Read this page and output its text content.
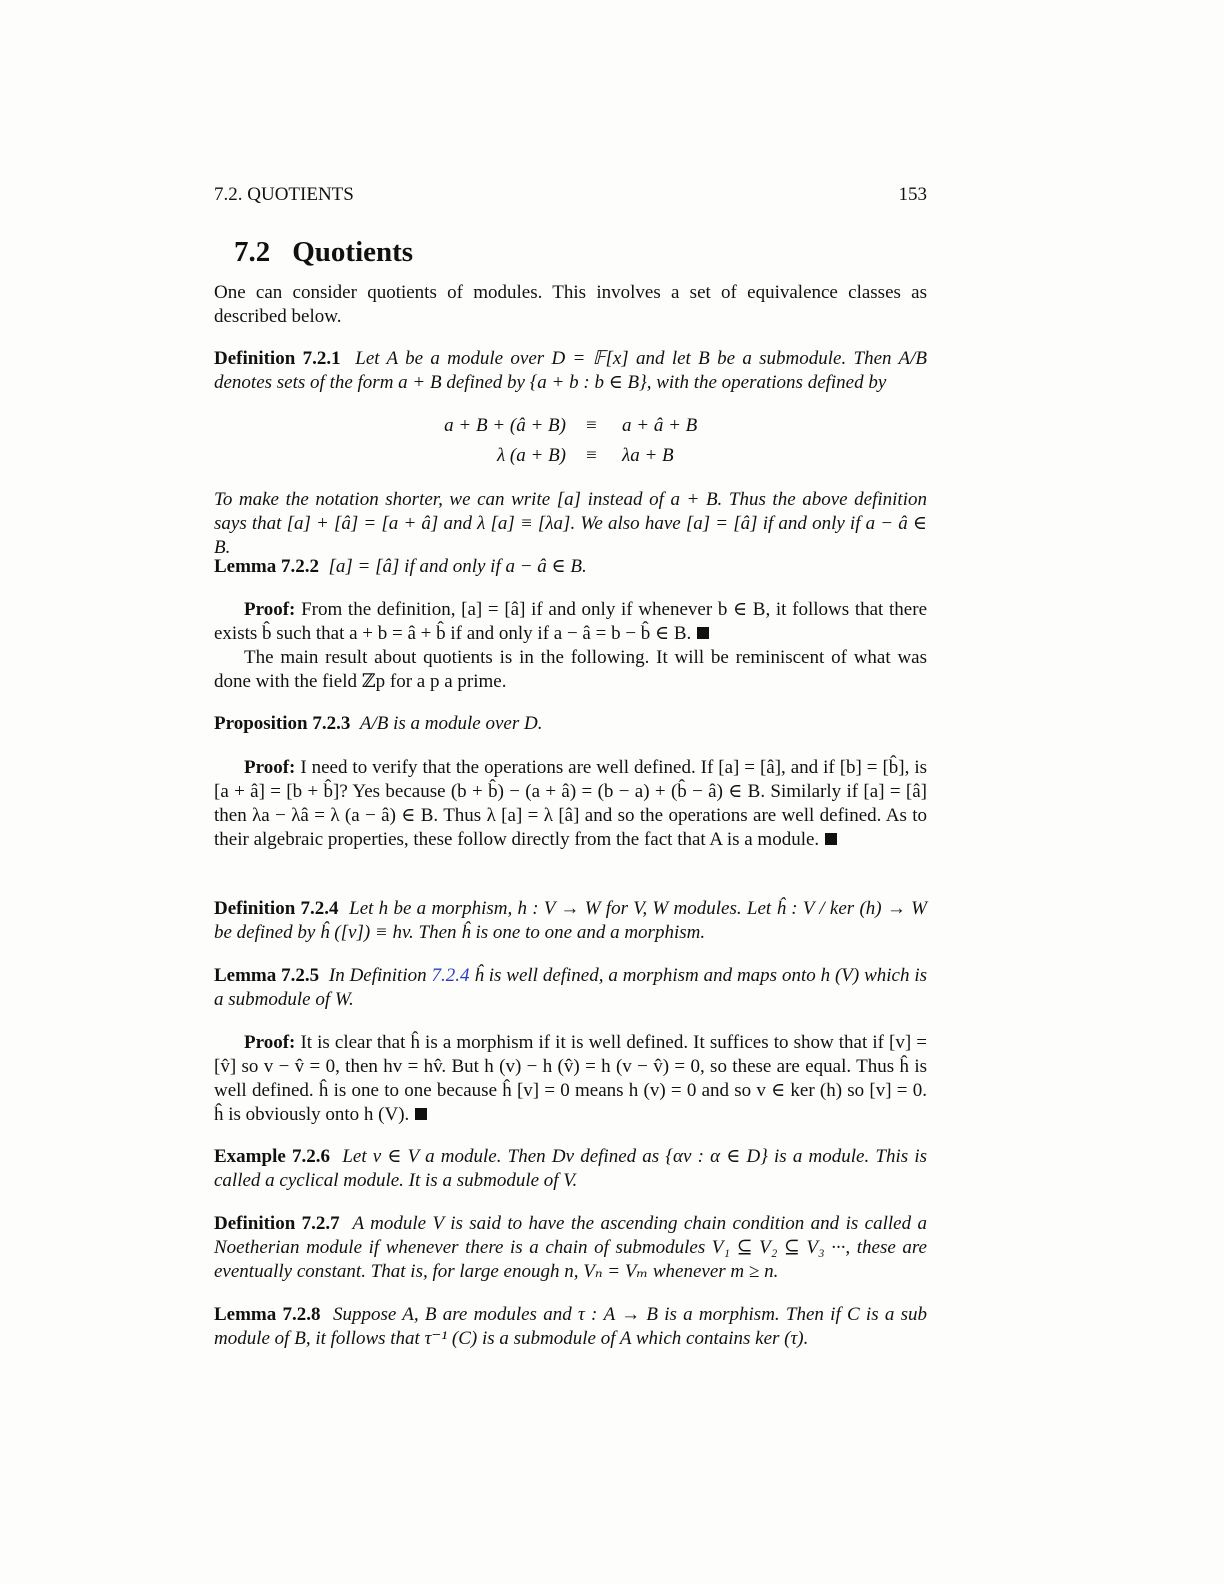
7.2. QUOTIENTS	153
7.2 Quotients

One can consider quotients of modules. This involves a set of equivalence classes as described below.

Definition 7.2.1 Let A be a module over D = 𝔽[x] and let B be a submodule. Then A/B denotes sets of the form a + B defined by {a + b : b ∈ B}, with the operations defined by

a + B + (â + B) ≡ a + â + B
λ (a + B) ≡ λa + B

To make the notation shorter, we can write [a] instead of a + B. Thus the above definition says that [a] + [â] = [a + â] and λ [a] ≡ [λa]. We also have [a] = [â] if and only if a − â ∈ B.

Lemma 7.2.2 [a] = [â] if and only if a − â ∈ B.

Proof: From the definition, [a] = [â] if and only if whenever b ∈ B, it follows that there exists b̂ such that a + b = â + b̂ if and only if a − â = b − b̂ ∈ B.

The main result about quotients is in the following. It will be reminiscent of what was done with the field ℤp for a p a prime.

Proposition 7.2.3 A/B is a module over D.

Proof: I need to verify that the operations are well defined. If [a] = [â], and if [b] = [b̂], is [a + â] = [b + b̂]? Yes because (b + b̂) − (a + â) = (b − a) + (b̂ − â) ∈ B. Similarly if [a] = [â] then λa − λâ = λ (a − â) ∈ B. Thus λ [a] = λ [â] and so the operations are well defined. As to their algebraic properties, these follow directly from the fact that A is a module.

Definition 7.2.4 Let h be a morphism, h : V → W for V, W modules. Let ĥ : V / ker (h) → W be defined by ĥ ([v]) ≡ hv. Then ĥ is one to one and a morphism.

Lemma 7.2.5 In Definition 7.2.4 ĥ is well defined, a morphism and maps onto h (V) which is a submodule of W.

Proof: It is clear that ĥ is a morphism if it is well defined. It suffices to show that if [v] = [v̂] so v − v̂ = 0, then hv = hv̂. But h (v) − h (v̂) = h (v − v̂) = 0, so these are equal. Thus ĥ is well defined. ĥ is one to one because ĥ [v] = 0 means h (v) = 0 and so v ∈ ker (h) so [v] = 0. ĥ is obviously onto h (V).

Example 7.2.6 Let v ∈ V a module. Then Dv defined as {αv : α ∈ D} is a module. This is called a cyclical module. It is a submodule of V.

Definition 7.2.7 A module V is said to have the ascending chain condition and is called a Noetherian module if whenever there is a chain of submodules V₁ ⊆ V₂ ⊆ V₃ ···, these are eventually constant. That is, for large enough n, Vₙ = Vₘ whenever m ≥ n.

Lemma 7.2.8 Suppose A, B are modules and τ : A → B is a morphism. Then if C is a sub module of B, it follows that τ⁻¹ (C) is a submodule of A which contains ker (τ).
